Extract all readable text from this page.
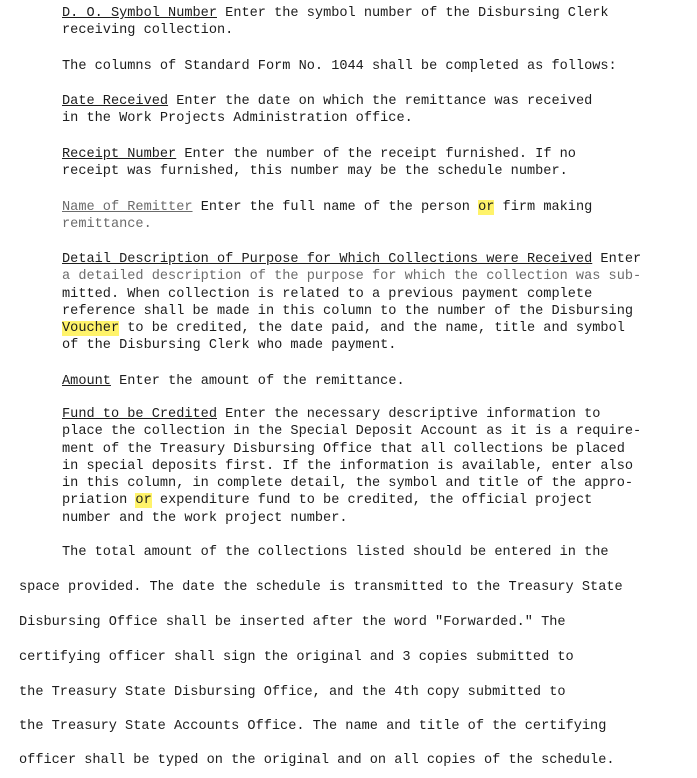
D. O. Symbol Number Enter the symbol number of the Disbursing Clerk
receiving collection.
The columns of Standard Form No. 1044 shall be completed as follows:
Date Received Enter the date on which the remittance was received
in the Work Projects Administration office.
Receipt Number Enter the number of the receipt furnished. If no
receipt was furnished, this number may be the schedule number.
Name of Remitter Enter the full name of the person or firm making
remittance.
Detail Description of Purpose for Which Collections were Received Enter
a detailed description of the purpose for which the collection was sub-
mitted. When collection is related to a previous payment complete
reference shall be made in this column to the number of the Disbursing
Voucher to be credited, the date paid, and the name, title and symbol
of the Disbursing Clerk who made payment.
Amount Enter the amount of the remittance.
Fund to be Credited Enter the necessary descriptive information to
place the collection in the Special Deposit Account as it is a require-
ment of the Treasury Disbursing Office that all collections be placed
in special deposits first. If the information is available, enter also
in this column, in complete detail, the symbol and title of the appro-
priation or expenditure fund to be credited, the official project
number and the work project number.
The total amount of the collections listed should be entered in the
space provided. The date the schedule is transmitted to the Treasury State
Disbursing Office shall be inserted after the word "Forwarded." The
certifying officer shall sign the original and 3 copies submitted to
the Treasury State Disbursing Office, and the 4th copy submitted to
the Treasury State Accounts Office. The name and title of the certifying
officer shall be typed on the original and on all copies of the schedule.
